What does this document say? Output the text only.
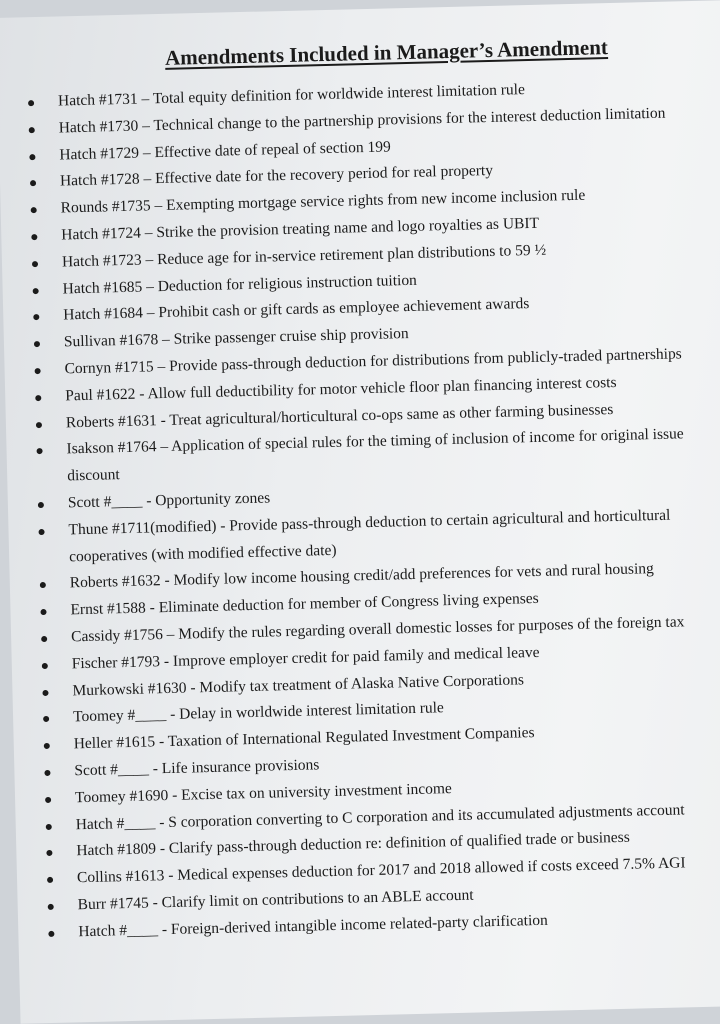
Amendments Included in Manager’s Amendment
Hatch #1731 – Total equity definition for worldwide interest limitation rule
Hatch #1730 – Technical change to the partnership provisions for the interest deduction limitation
Hatch #1729 – Effective date of repeal of section 199
Hatch #1728 – Effective date for the recovery period for real property
Rounds #1735 – Exempting mortgage service rights from new income inclusion rule
Hatch #1724 – Strike the provision treating name and logo royalties as UBIT
Hatch #1723 – Reduce age for in-service retirement plan distributions to 59 ½
Hatch #1685 – Deduction for religious instruction tuition
Hatch #1684 – Prohibit cash or gift cards as employee achievement awards
Sullivan #1678 – Strike passenger cruise ship provision
Cornyn #1715 – Provide pass-through deduction for distributions from publicly-traded partnerships
Paul #1622 - Allow full deductibility for motor vehicle floor plan financing interest costs
Roberts #1631 - Treat agricultural/horticultural co-ops same as other farming businesses
Isakson #1764 – Application of special rules for the timing of inclusion of income for original issue
discount
Scott #____ - Opportunity zones
Thune #1711(modified) - Provide pass-through deduction to certain agricultural and horticultural
cooperatives (with modified effective date)
Roberts #1632 - Modify low income housing credit/add preferences for vets and rural housing
Ernst #1588 - Eliminate deduction for member of Congress living expenses
Cassidy #1756 – Modify the rules regarding overall domestic losses for purposes of the foreign tax
Fischer #1793 - Improve employer credit for paid family and medical leave
Murkowski #1630 - Modify tax treatment of Alaska Native Corporations
Toomey #____ - Delay in worldwide interest limitation rule
Heller #1615 - Taxation of International Regulated Investment Companies
Scott #____ - Life insurance provisions
Toomey #1690 - Excise tax on university investment income
Hatch #____ - S corporation converting to C corporation and its accumulated adjustments account
Hatch #1809 - Clarify pass-through deduction re: definition of qualified trade or business
Collins #1613 - Medical expenses deduction for 2017 and 2018 allowed if costs exceed 7.5% AGI
Burr #1745 - Clarify limit on contributions to an ABLE account
Hatch #____ - Foreign-derived intangible income related-party clarification
